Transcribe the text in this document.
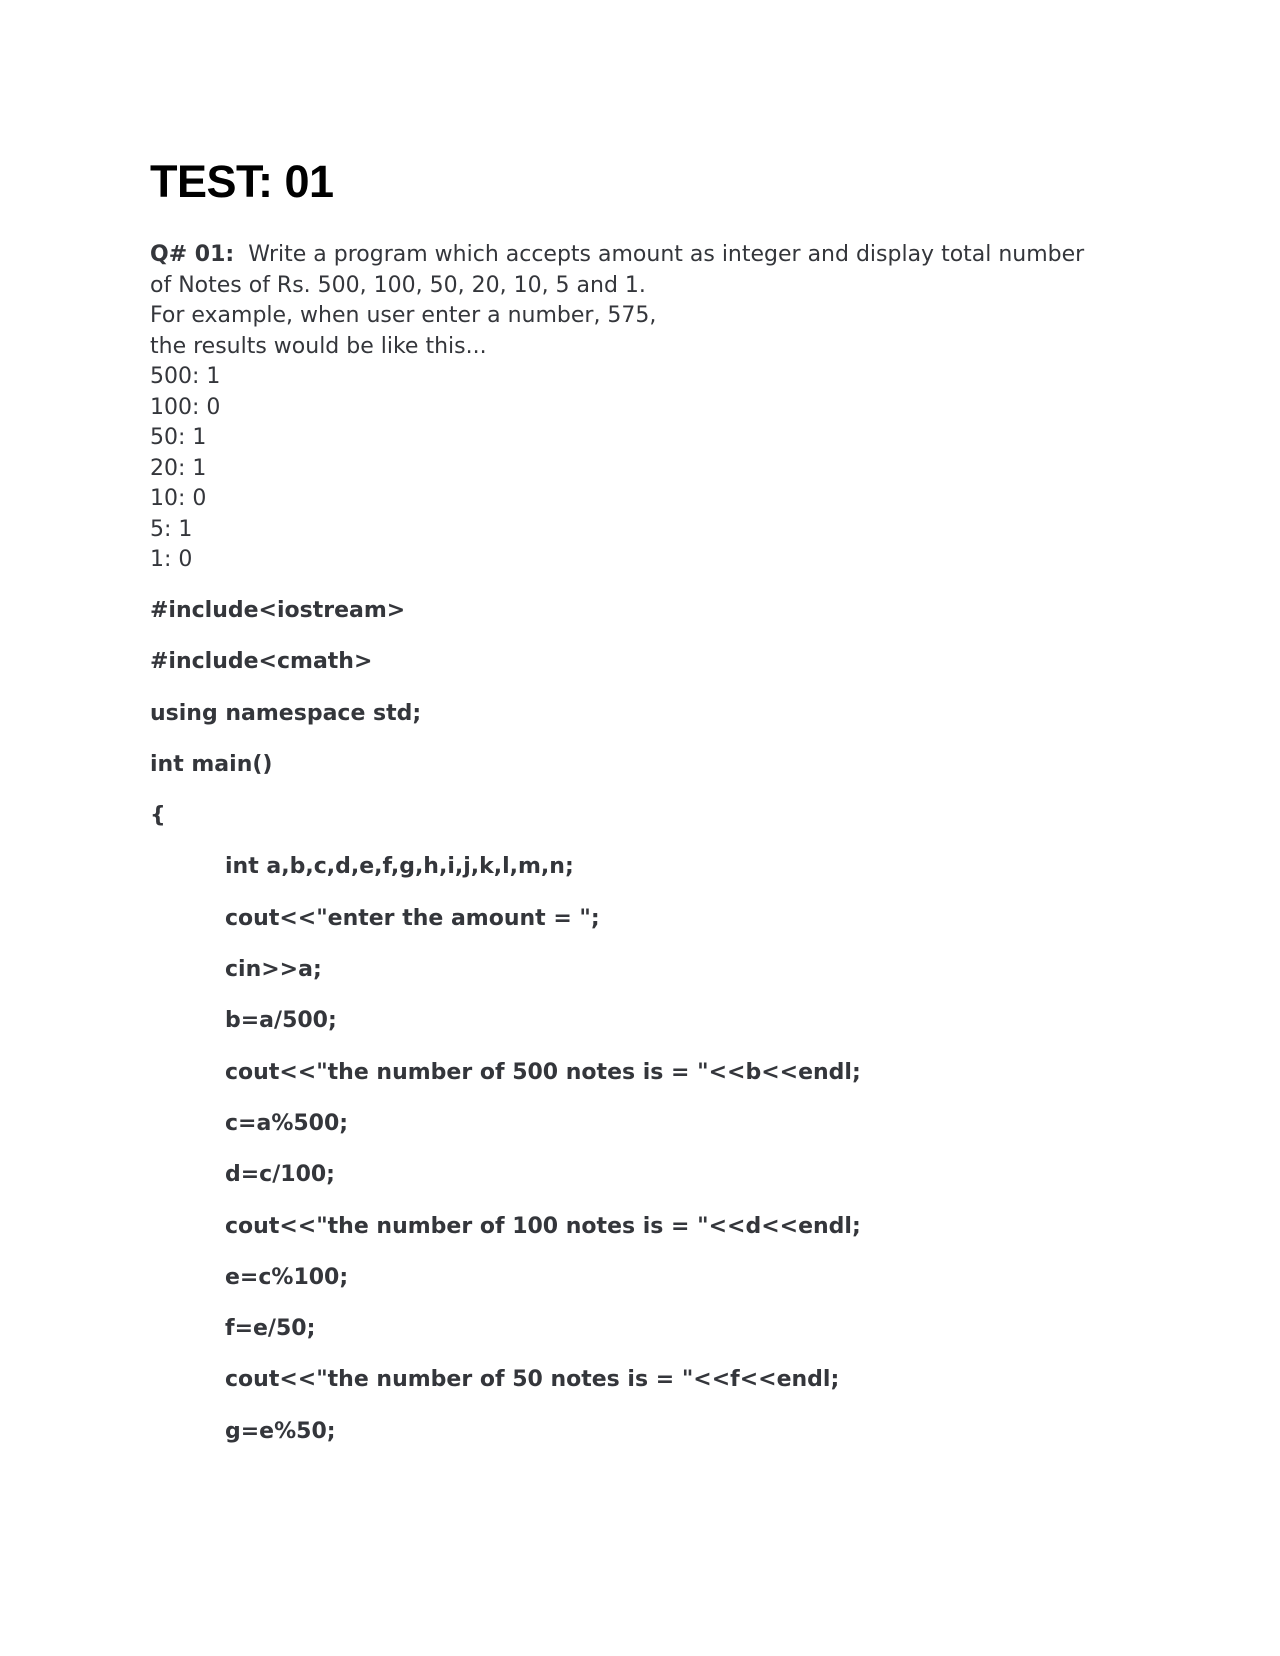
TEST: 01
Q# 01: Write a program which accepts amount as integer and display total number
of Notes of Rs. 500, 100, 50, 20, 10, 5 and 1.
For example, when user enter a number, 575,
the results would be like this...
500: 1
100: 0
50: 1
20: 1
10: 0
5: 1
1: 0
#include<iostream>
#include<cmath>
using namespace std;
int main()
{
int a,b,c,d,e,f,g,h,i,j,k,l,m,n;
cout<<"enter the amount = ";
cin>>a;
b=a/500;
cout<<"the number of 500 notes is = "<<b<<endl;
c=a%500;
d=c/100;
cout<<"the number of 100 notes is = "<<d<<endl;
e=c%100;
f=e/50;
cout<<"the number of 50 notes is = "<<f<<endl;
g=e%50;
